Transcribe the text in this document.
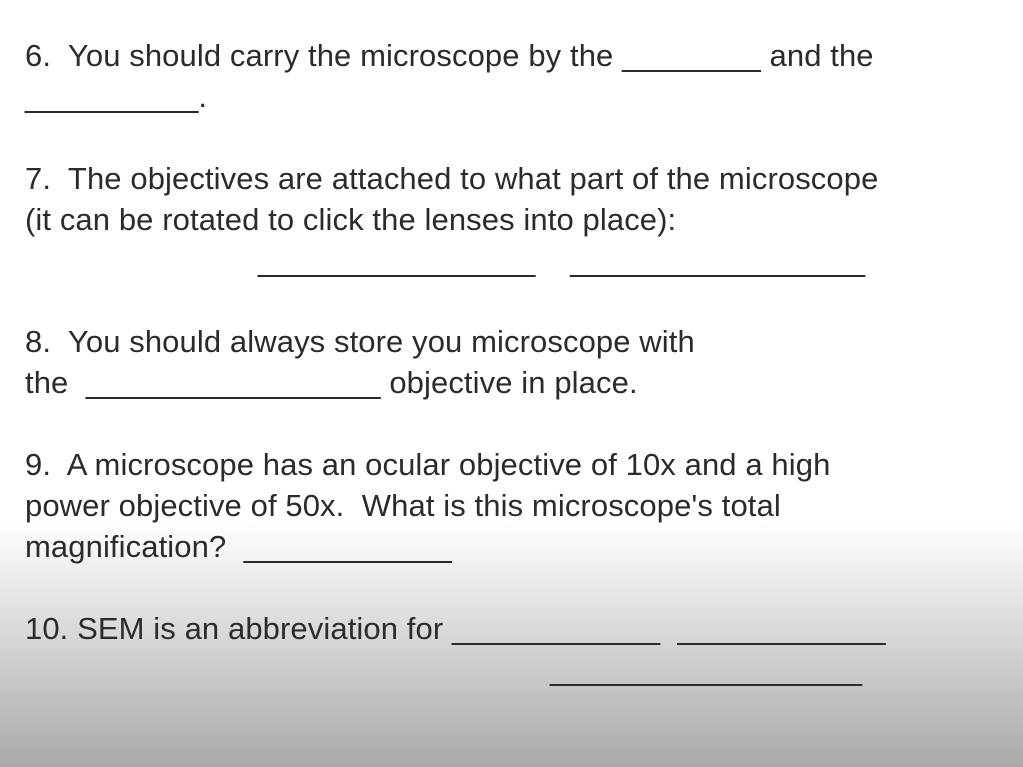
6.  You should carry the microscope by the ________ and the
__________.
7.  The objectives are attached to what part of the microscope
(it can be rotated to click the lenses into place):
________________    _________________
8.  You should always store you microscope with
the  _________________ objective in place.
9.  A microscope has an ocular objective of 10x and a high
power objective of 50x.  What is this microscope's total
magnification?  ____________
10. SEM is an abbreviation for ____________  ____________
__________________
